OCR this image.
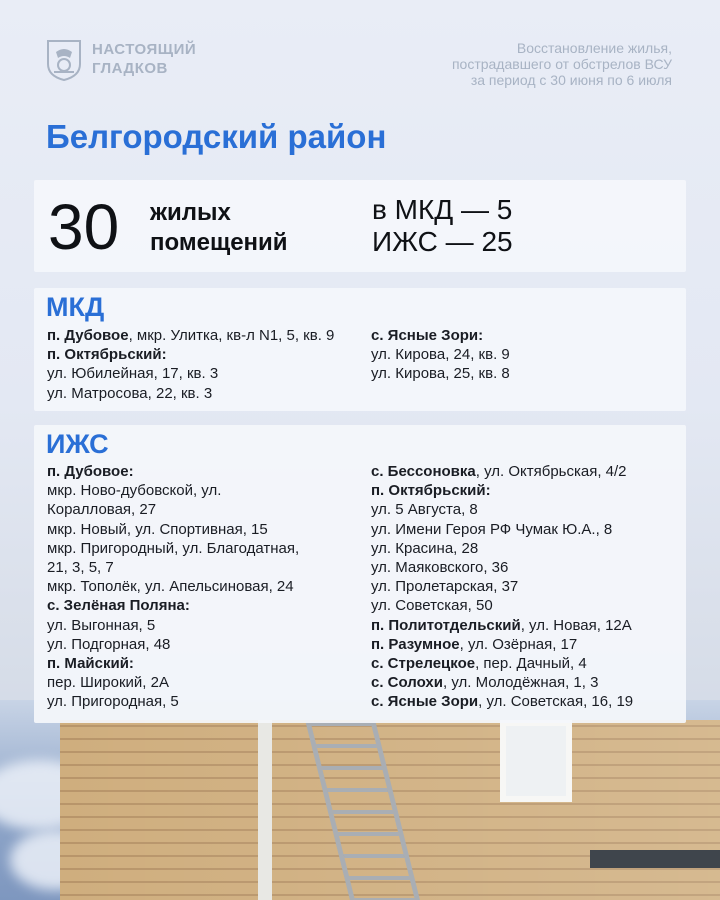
НАСТОЯЩИЙ
ГЛАДКОВ
Восстановление жилья,
пострадавшего от обстрелов ВСУ
за период с 30 июня по 6 июля
Белгородский район
30 жилых
помещений
в МКД — 5
ИЖС — 25
МКД
п. Дубовое, мкр. Улитка, кв-л N1, 5, кв. 9
п. Октябрьский:
ул. Юбилейная, 17, кв. 3
ул. Матросова, 22, кв. 3
с. Ясные Зори:
ул. Кирова, 24, кв. 9
ул. Кирова, 25, кв. 8
ИЖС
п. Дубовое:
мкр. Ново-дубовской, ул.
Коралловая, 27
мкр. Новый, ул. Спортивная, 15
мкр. Пригородный, ул. Благодатная,
21, 3, 5, 7
мкр. Тополёк, ул. Апельсиновая, 24
с. Зелёная Поляна:
ул. Выгонная, 5
ул. Подгорная, 48
п. Майский:
пер. Широкий, 2А
ул. Пригородная, 5
с. Бессоновка, ул. Октябрьская, 4/2
п. Октябрьский:
ул. 5 Августа, 8
ул. Имени Героя РФ Чумак Ю.А., 8
ул. Красина, 28
ул. Маяковского, 36
ул. Пролетарская, 37
ул. Советская, 50
п. Политотдельский, ул. Новая, 12А
п. Разумное, ул. Озёрная, 17
с. Стрелецкое, пер. Дачный, 4
с. Солохи, ул. Молодёжная, 1, 3
с. Ясные Зори, ул. Советская, 16, 19
